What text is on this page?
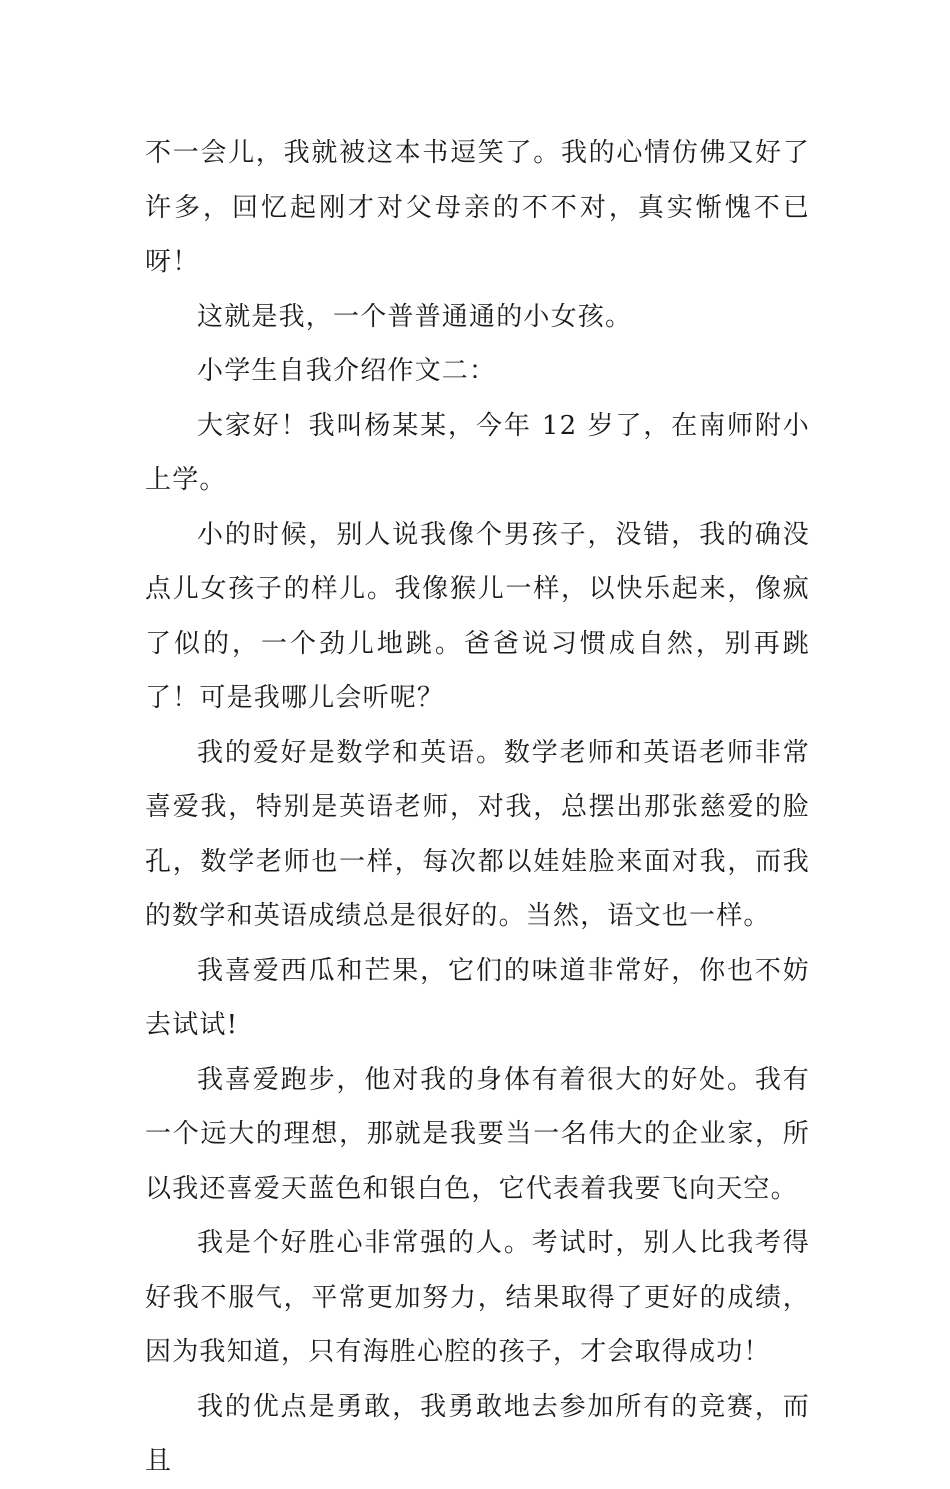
不一会儿，我就被这本书逗笑了。我的心情仿佛又好了许多，回忆起刚才对父母亲的不不对，真实惭愧不已呀！

这就是我，一个普普通通的小女孩。

小学生自我介绍作文二：

大家好！我叫杨某某，今年 12 岁了，在南师附小上学。

小的时候，别人说我像个男孩子，没错，我的确没点儿女孩子的样儿。我像猴儿一样，以快乐起来，像疯了似的，一个劲儿地跳。爸爸说习惯成自然，别再跳了！可是我哪儿会听呢？

我的爱好是数学和英语。数学老师和英语老师非常喜爱我，特别是英语老师，对我，总摆出那张慈爱的脸孔，数学老师也一样，每次都以娃娃脸来面对我，而我的数学和英语成绩总是很好的。当然，语文也一样。

我喜爱西瓜和芒果，它们的味道非常好，你也不妨去试试!

我喜爱跑步，他对我的身体有着很大的好处。我有一个远大的理想，那就是我要当一名伟大的企业家，所以我还喜爱天蓝色和银白色，它代表着我要飞向天空。

我是个好胜心非常强的人。考试时，别人比我考得好我不服气，平常更加努力，结果取得了更好的成绩，因为我知道，只有海胜心腔的孩子，才会取得成功！

我的优点是勇敢，我勇敢地去参加所有的竞赛，而且
